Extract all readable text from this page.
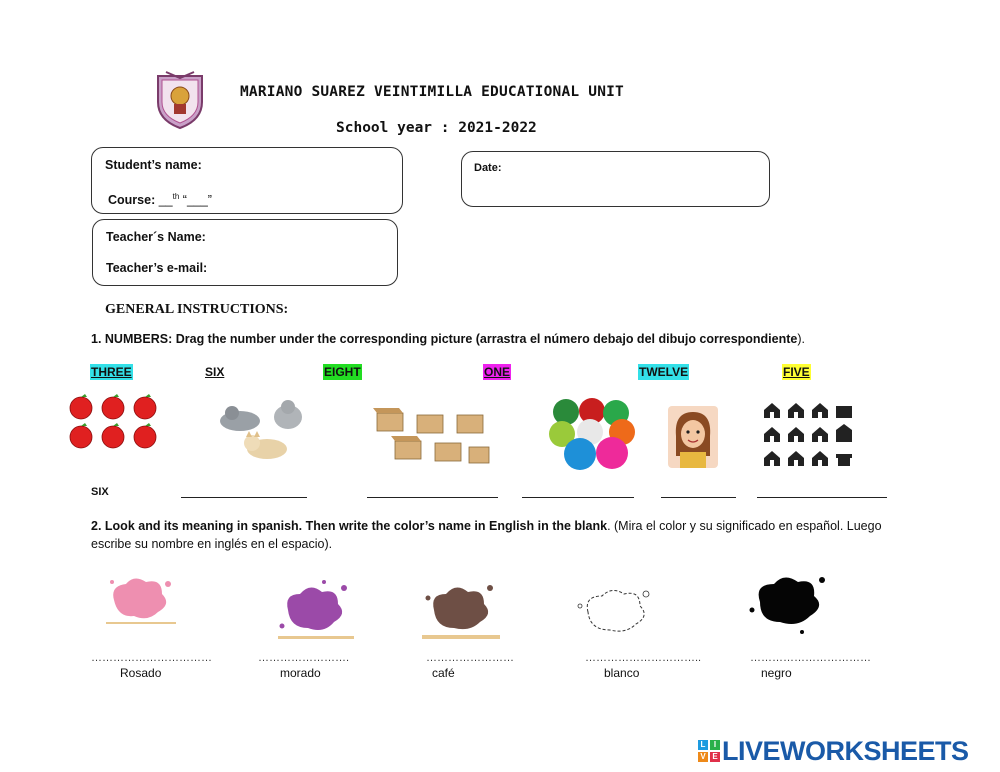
MARIANO SUAREZ VEINTIMILLA EDUCATIONAL UNIT
School year : 2021-2022
Student’s name:
Course: __$^{th}$ “___”
Date:
Teacher´s Name:
Teacher’s e-mail:
GENERAL INSTRUCTIONS:
1. NUMBERS: Drag the number under the corresponding picture (arrastra el número debajo del dibujo correspondiente).
THREE	SIX	EIGHT	ONE	TWELVE	FIVE
SIX
2. Look and its meaning in spanish. Then write the color’s name in English in the blank. (Mira el color y su significado en español. Luego escribe su nombre en inglés en el espacio).
……………………………	…………………….	……………………	…………………………..	……………………………
Rosado	morado	café	blanco	negro
L	I
V E LIVEWORKSHEETS
